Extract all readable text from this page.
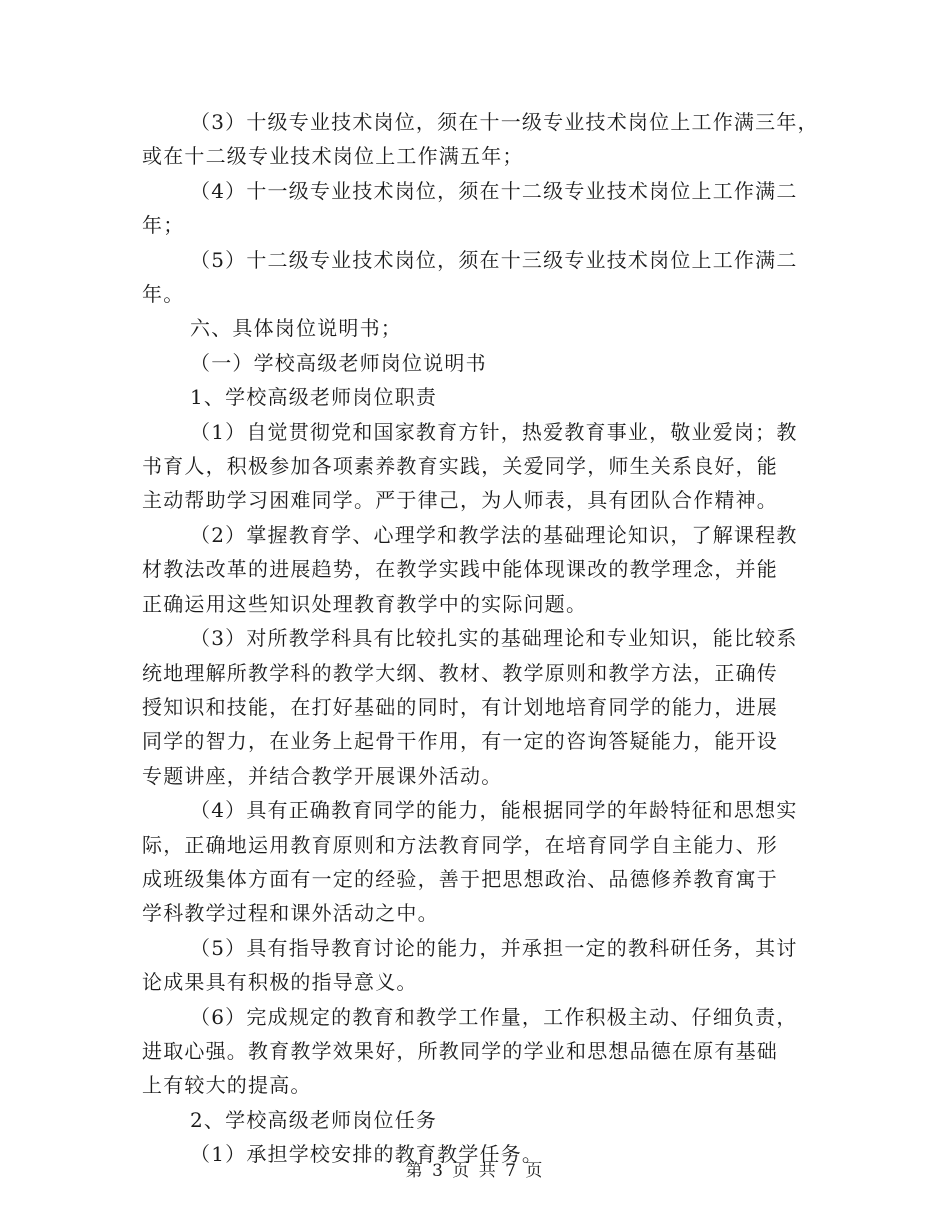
（3）十级专业技术岗位，须在十一级专业技术岗位上工作满三年，
或在十二级专业技术岗位上工作满五年；

（4）十一级专业技术岗位，须在十二级专业技术岗位上工作满二
年；

（5）十二级专业技术岗位，须在十三级专业技术岗位上工作满二
年。

六、具体岗位说明书；

（一）学校高级老师岗位说明书

1、学校高级老师岗位职责

（1）自觉贯彻党和国家教育方针，热爱教育事业，敬业爱岗；教
书育人，积极参加各项素养教育实践，关爱同学，师生关系良好，能
主动帮助学习困难同学。严于律己，为人师表，具有团队合作精神。

（2）掌握教育学、心理学和教学法的基础理论知识，了解课程教
材教法改革的进展趋势，在教学实践中能体现课改的教学理念，并能
正确运用这些知识处理教育教学中的实际问题。

（3）对所教学科具有比较扎实的基础理论和专业知识，能比较系
统地理解所教学科的教学大纲、教材、教学原则和教学方法，正确传
授知识和技能，在打好基础的同时，有计划地培育同学的能力，进展
同学的智力，在业务上起骨干作用，有一定的咨询答疑能力，能开设
专题讲座，并结合教学开展课外活动。

（4）具有正确教育同学的能力，能根据同学的年龄特征和思想实
际，正确地运用教育原则和方法教育同学，在培育同学自主能力、形
成班级集体方面有一定的经验，善于把思想政治、品德修养教育寓于
学科教学过程和课外活动之中。

（5）具有指导教育讨论的能力，并承担一定的教科研任务，其讨
论成果具有积极的指导意义。

（6）完成规定的教育和教学工作量，工作积极主动、仔细负责，
进取心强。教育教学效果好，所教同学的学业和思想品德在原有基础
上有较大的提高。

2、学校高级老师岗位任务

（1）承担学校安排的教育教学任务。

第 3 页 共 7 页
